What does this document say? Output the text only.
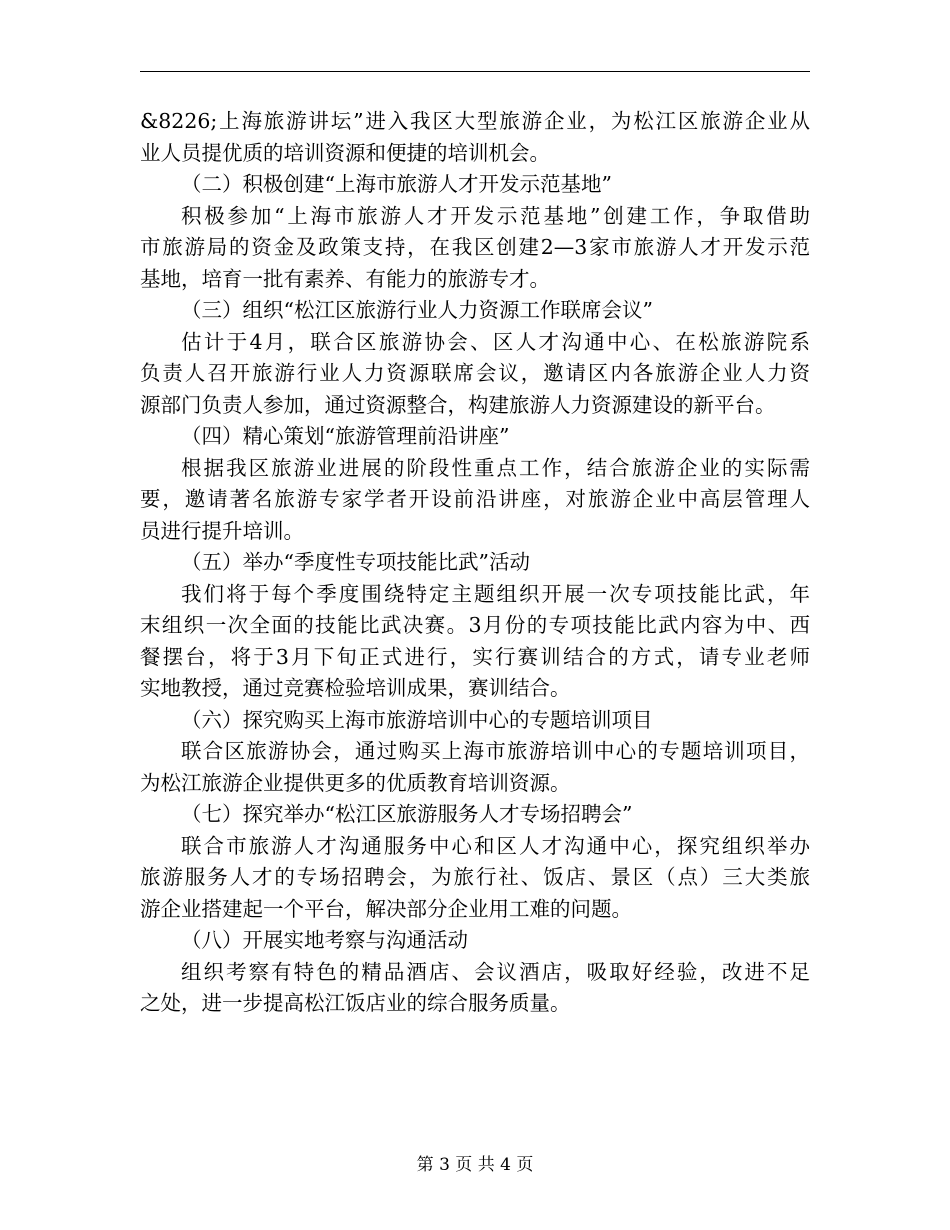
&8226;上海旅游讲坛”进入我区大型旅游企业，为松江区旅游企业从
业人员提优质的培训资源和便捷的培训机会。
（二）积极创建“上海市旅游人才开发示范基地”
积极参加“上海市旅游人才开发示范基地”创建工作，争取借助
市旅游局的资金及政策支持，在我区创建2—3家市旅游人才开发示范
基地，培育一批有素养、有能力的旅游专才。
（三）组织“松江区旅游行业人力资源工作联席会议”
估计于4月，联合区旅游协会、区人才沟通中心、在松旅游院系
负责人召开旅游行业人力资源联席会议，邀请区内各旅游企业人力资
源部门负责人参加，通过资源整合，构建旅游人力资源建设的新平台。
（四）精心策划“旅游管理前沿讲座”
根据我区旅游业进展的阶段性重点工作，结合旅游企业的实际需
要，邀请著名旅游专家学者开设前沿讲座，对旅游企业中高层管理人
员进行提升培训。
（五）举办“季度性专项技能比武”活动
我们将于每个季度围绕特定主题组织开展一次专项技能比武，年
末组织一次全面的技能比武决赛。3月份的专项技能比武内容为中、西
餐摆台，将于3月下旬正式进行，实行赛训结合的方式，请专业老师
实地教授，通过竞赛检验培训成果，赛训结合。
（六）探究购买上海市旅游培训中心的专题培训项目
联合区旅游协会，通过购买上海市旅游培训中心的专题培训项目，
为松江旅游企业提供更多的优质教育培训资源。
（七）探究举办“松江区旅游服务人才专场招聘会”
联合市旅游人才沟通服务中心和区人才沟通中心，探究组织举办
旅游服务人才的专场招聘会，为旅行社、饭店、景区（点）三大类旅
游企业搭建起一个平台，解决部分企业用工难的问题。
（八）开展实地考察与沟通活动
组织考察有特色的精品酒店、会议酒店，吸取好经验，改进不足
之处，进一步提高松江饭店业的综合服务质量。
第 3 页 共 4 页
